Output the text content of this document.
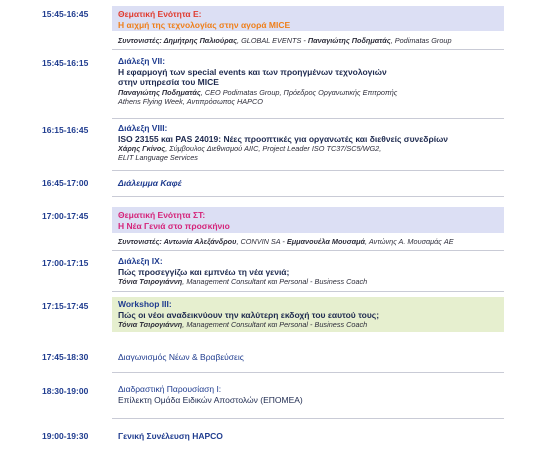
15:45-16:45	Θεματική Ενότητα Ε:
Η αιχμή της τεχνολογίας στην αγορά MICE
Συντονιστές: Δημήτρης Παλιούρας, GLOBAL EVENTS - Παναγιώτης Ποδηματάς, Podimatas Group
15:45-16:15	Διάλεξη VII:
Η εφαρμογή των special events και των προηγμένων τεχνολογιών
στην υπηρεσία του MICE
Παναγιώτης Ποδηματάς, CEO Podimatas Group, Πρόεδρος Οργανωτικής Επιτροπής
Athens Flying Week, Αντιπρόσωπος HAPCO
16:15-16:45	Διάλεξη VIII:
ISO 23155 και PAS 24019: Νέες προοπτικές για οργανωτές και διεθνείς συνεδρίων
Χάρης Γκίνος, Σύμβουλος Διεθνισμού AIIC, Project Leader ISO TC37/SC5/WG2,
ELIT Language Services
16:45-17:00	Διάλειμμα Καφέ
17:00-17:45	Θεματική Ενότητα ΣΤ:
Η Νέα Γενιά στο προσκήνιο
Συντονιστές: Αντωνία Αλεξάνδρου, CONVIN SA - Εμμανουέλα Μουσαμά, Αντώνης Α. Μουσαμάς AE
17:00-17:15	Διάλεξη IX:
Πώς προσεγγίζω και εμπνέω τη νέα γενιά;
Τόνια Τσιρογιάννη, Management Consultant και Personal - Business Coach
17:15-17:45	Workshop III:
Πώς οι νέοι αναδεικνύουν την καλύτερη εκδοχή του εαυτού τους;
Τόνια Τσιρογιάννη, Management Consultant και Personal - Business Coach
17:45-18:30	Διαγωνισμός Νέων & Βραβεύσεις
18:30-19:00	Διαδραστική Παρουσίαση Ι:
Επίλεκτη Ομάδα Ειδικών Αποστολών (ΕΠΟΜΕΑ)
19:00-19:30	Γενική Συνέλευση HAPCO
